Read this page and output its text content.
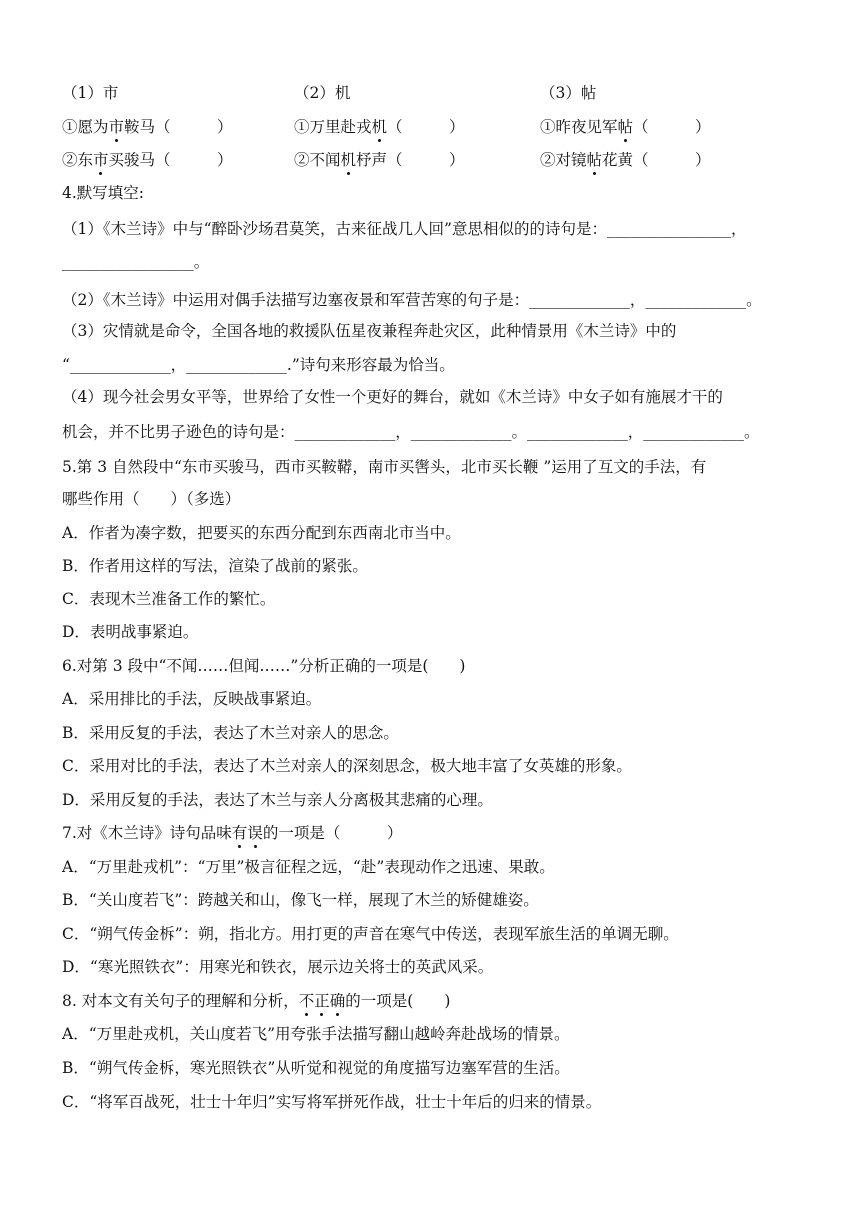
（1）市	（2）机	（3）帖
①愿为市鞍马（　　　）	①万里赴戎机（　　　）	①昨夜见军帖（　　　）
②东市买骏马（　　　）	②不闻机杼声（　　　）	②对镜帖花黄（　　　）
4.默写填空:
（1）《木兰诗》中与“醉卧沙场君莫笑，古来征战几人回”意思相似的的诗句是：________________，
_________________。
（2）《木兰诗》中运用对偶手法描写边塞夜景和军营苦寒的句子是：_____________，_____________。
（3）灾情就是命令，全国各地的救援队伍星夜兼程奔赴灾区，此种情景用《木兰诗》中的
“_____________，_____________.”诗句来形容最为恰当。
（4）现今社会男女平等，世界给了女性一个更好的舞台，就如《木兰诗》中女子如有施展才干的
机会，并不比男子逊色的诗句是：_____________，_____________。_____________，_____________。
5.第 3 自然段中“东市买骏马，西市买鞍鞯，南市买辔头，北市买长鞭 ”运用了互文的手法，有
哪些作用（　　）（多选）
A．作者为凑字数，把要买的东西分配到东西南北市当中。
B．作者用这样的写法，渲染了战前的紧张。
C．表现木兰准备工作的繁忙。
D．表明战事紧迫。
6.对第 3 段中“不闻……但闻……”分析正确的一项是(　　)
A．采用排比的手法，反映战事紧迫。
B．采用反复的手法，表达了木兰对亲人的思念。
C．采用对比的手法，表达了木兰对亲人的深刻思念，极大地丰富了女英雄的形象。
D．采用反复的手法，表达了木兰与亲人分离极其悲痛的心理。
7.对《木兰诗》诗句品味有误的一项是（　　　）
A．“万里赴戎机”：“万里”极言征程之远，“赴”表现动作之迅速、果敢。
B．“关山度若飞”：跨越关和山，像飞一样，展现了木兰的矫健雄姿。
C．“朔气传金柝”：朔，指北方。用打更的声音在寒气中传送，表现军旅生活的单调无聊。
D．“寒光照铁衣”：用寒光和铁衣，展示边关将士的英武风采。
8. 对本文有关句子的理解和分析，不正确的一项是(　　)
A．“万里赴戎机，关山度若飞”用夸张手法描写翻山越岭奔赴战场的情景。
B．“朔气传金柝，寒光照铁衣”从听觉和视觉的角度描写边塞军营的生活。
C．“将军百战死，壮士十年归”实写将军拼死作战，壮士十年后的归来的情景。
